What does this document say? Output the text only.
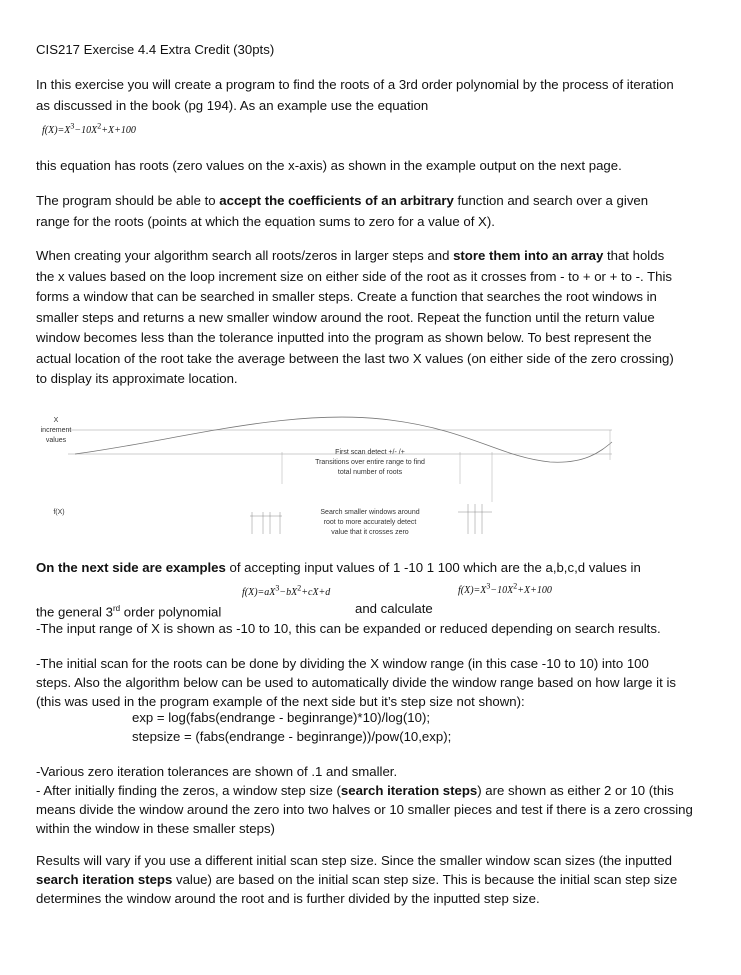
CIS217 Exercise 4.4 Extra Credit (30pts)

In this exercise you will create a program to find the roots of a 3rd order polynomial by the process of iteration as discussed in the book (pg 194). As an example use the equation

$f(X)=X^3-10X^2+X+100$

this equation has roots (zero values on the x-axis) as shown in the example output on the next page.

The program should be able to accept the coefficients of an arbitrary function and search over a given range for the roots (points at which the equation sums to zero for a value of X).

When creating your algorithm search all roots/zeros in larger steps and store them into an array that holds the x values based on the loop increment size on either side of the root as it crosses from - to + or + to -. This forms a window that can be searched in smaller steps. Create a function that searches the root windows in smaller steps and returns a new smaller window around the root. Repeat the function until the return value window becomes less than the tolerance inputted into the program as shown below. To best represent the actual location of the root take the average between the last two X values (on either side of the zero crossing) to display its approximate location.

X
increment
values
f(X)
First scan detect +/- /+
Transitions over entire range to find
total number of roots
Search smaller windows around
root to more accurately detect
value that it crosses zero

On the next side are examples of accepting input values of 1 -10 1 100 which are the a,b,c,d values in

$f(X)=aX^3-bX^2+cX+d$	$f(X)=X^3-10X^2+X+100$

the general 3rd order polynomial	and calculate

-The input range of X is shown as -10 to 10, this can be expanded or reduced depending on search results.

-The initial scan for the roots can be done by dividing the X window range (in this case -10 to 10) into 100 steps. Also the algorithm below can be used to automatically divide the window range based on how large it is (this was used in the program example of the next side but it’s step size not shown):

exp = log(fabs(endrange - beginrange)*10)/log(10);

stepsize = (fabs(endrange - beginrange))/pow(10,exp);

-Various zero iteration tolerances are shown of .1 and smaller.

- After initially finding the zeros, a window step size (search iteration steps) are shown as either 2 or 10 (this means divide the window around the zero into two halves or 10 smaller pieces and test if there is a zero crossing within the window in these smaller steps)

Results will vary if you use a different initial scan step size. Since the smaller window scan sizes (the inputted search iteration steps value) are based on the initial scan step size. This is because the initial scan step size determines the window around the root and is further divided by the inputted step size.
